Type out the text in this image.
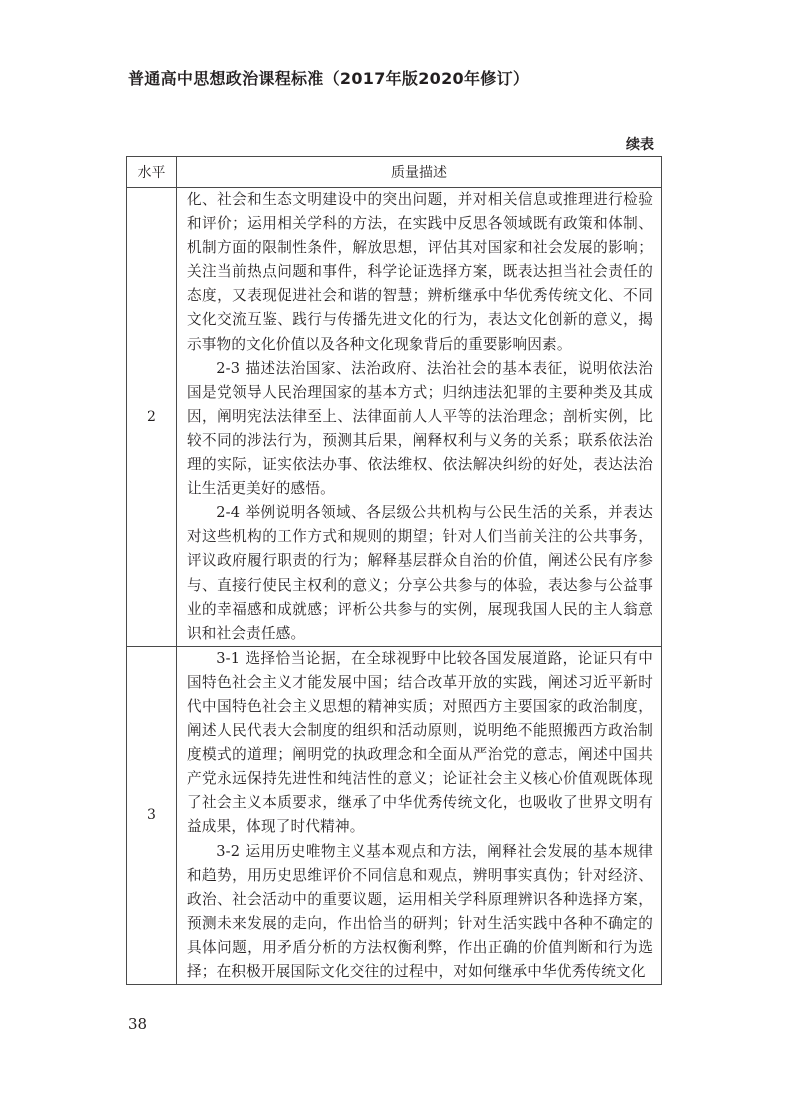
普通高中思想政治课程标准（2017年版2020年修订）
续表
水平	质量描述
2	化、社会和生态文明建设中的突出问题，并对相关信息或推理进行检验和评价；运用相关学科的方法，在实践中反思各领域既有政策和体制、机制方面的限制性条件，解放思想，评估其对国家和社会发展的影响；关注当前热点问题和事件，科学论证选择方案，既表达担当社会责任的态度，又表现促进社会和谐的智慧；辨析继承中华优秀传统文化、不同文化交流互鉴、践行与传播先进文化的行为，表达文化创新的意义，揭示事物的文化价值以及各种文化现象背后的重要影响因素。

2-3 描述法治国家、法治政府、法治社会的基本表征，说明依法治国是党领导人民治理国家的基本方式；归纳违法犯罪的主要种类及其成因，阐明宪法法律至上、法律面前人人平等的法治理念；剖析实例，比较不同的涉法行为，预测其后果，阐释权利与义务的关系；联系依法治理的实际，证实依法办事、依法维权、依法解决纠纷的好处，表达法治让生活更美好的感悟。

2-4 举例说明各领域、各层级公共机构与公民生活的关系，并表达对这些机构的工作方式和规则的期望；针对人们当前关注的公共事务，评议政府履行职责的行为；解释基层群众自治的价值，阐述公民有序参与、直接行使民主权利的意义；分享公共参与的体验，表达参与公益事业的幸福感和成就感；评析公共参与的实例，展现我国人民的主人翁意识和社会责任感。

3	3-1 选择恰当论据，在全球视野中比较各国发展道路，论证只有中国特色社会主义才能发展中国；结合改革开放的实践，阐述习近平新时代中国特色社会主义思想的精神实质；对照西方主要国家的政治制度，阐述人民代表大会制度的组织和活动原则，说明绝不能照搬西方政治制度模式的道理；阐明党的执政理念和全面从严治党的意志，阐述中国共产党永远保持先进性和纯洁性的意义；论证社会主义核心价值观既体现了社会主义本质要求，继承了中华优秀传统文化，也吸收了世界文明有益成果，体现了时代精神。

3-2 运用历史唯物主义基本观点和方法，阐释社会发展的基本规律和趋势，用历史思维评价不同信息和观点，辨明事实真伪；针对经济、政治、社会活动中的重要议题，运用相关学科原理辨识各种选择方案，预测未来发展的走向，作出恰当的研判；针对生活实践中各种不确定的具体问题，用矛盾分析的方法权衡利弊，作出正确的价值判断和行为选择；在积极开展国际文化交往的过程中，对如何继承中华优秀传统文化

38
